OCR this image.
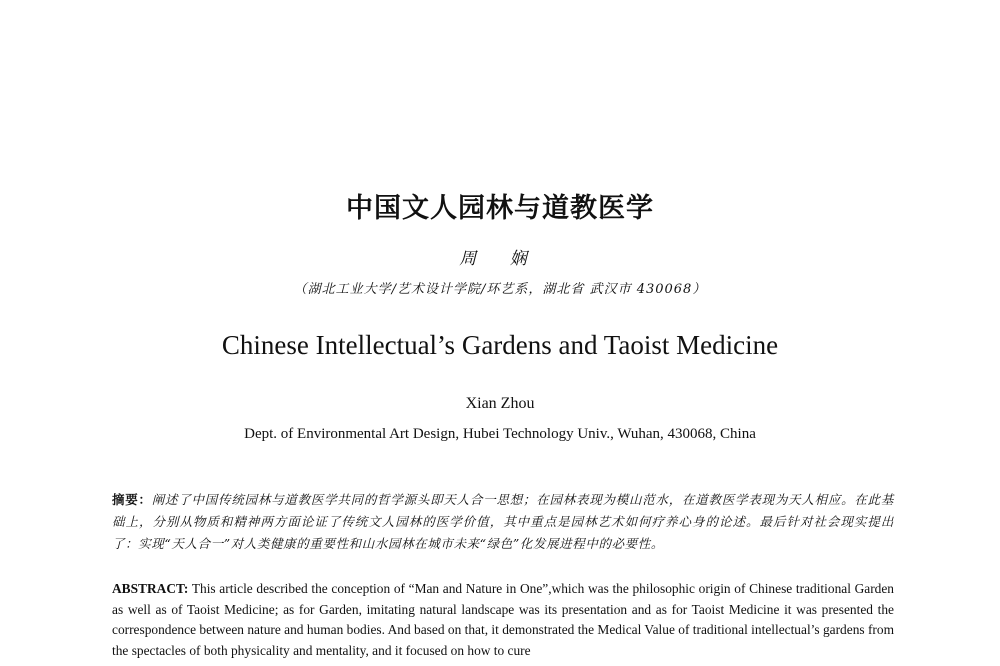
中国文人园林与道教医学
周 娴
（湖北工业大学/艺术设计学院/环艺系，湖北省 武汉市 430068）
Chinese Intellectual’s Gardens and Taoist Medicine
Xian Zhou
Dept. of Environmental Art Design, Hubei Technology Univ., Wuhan, 430068, China
摘要：阐述了中国传统园林与道教医学共同的哲学源头即天人合一思想；在园林表现为模山范水，在道教医学表现为天人相应。在此基础上，分别从物质和精神两方面论证了传统文人园林的医学价值，其中重点是园林艺术如何疗养心身的论述。最后针对社会现实提出了：实现“天人合一”对人类健康的重要性和山水园林在城市未来“绿色”化发展进程中的必要性。
ABSTRACT: This article described the conception of “Man and Nature in One”,which was the philosophic origin of Chinese traditional Garden as well as of Taoist Medicine; as for Garden, imitating natural landscape was its presentation and as for Taoist Medicine it was presented the correspondence between nature and human bodies. And based on that, it demonstrated the Medical Value of traditional intellectual’s gardens from the spectacles of both physicality and mentality, and it focused on how to cure
